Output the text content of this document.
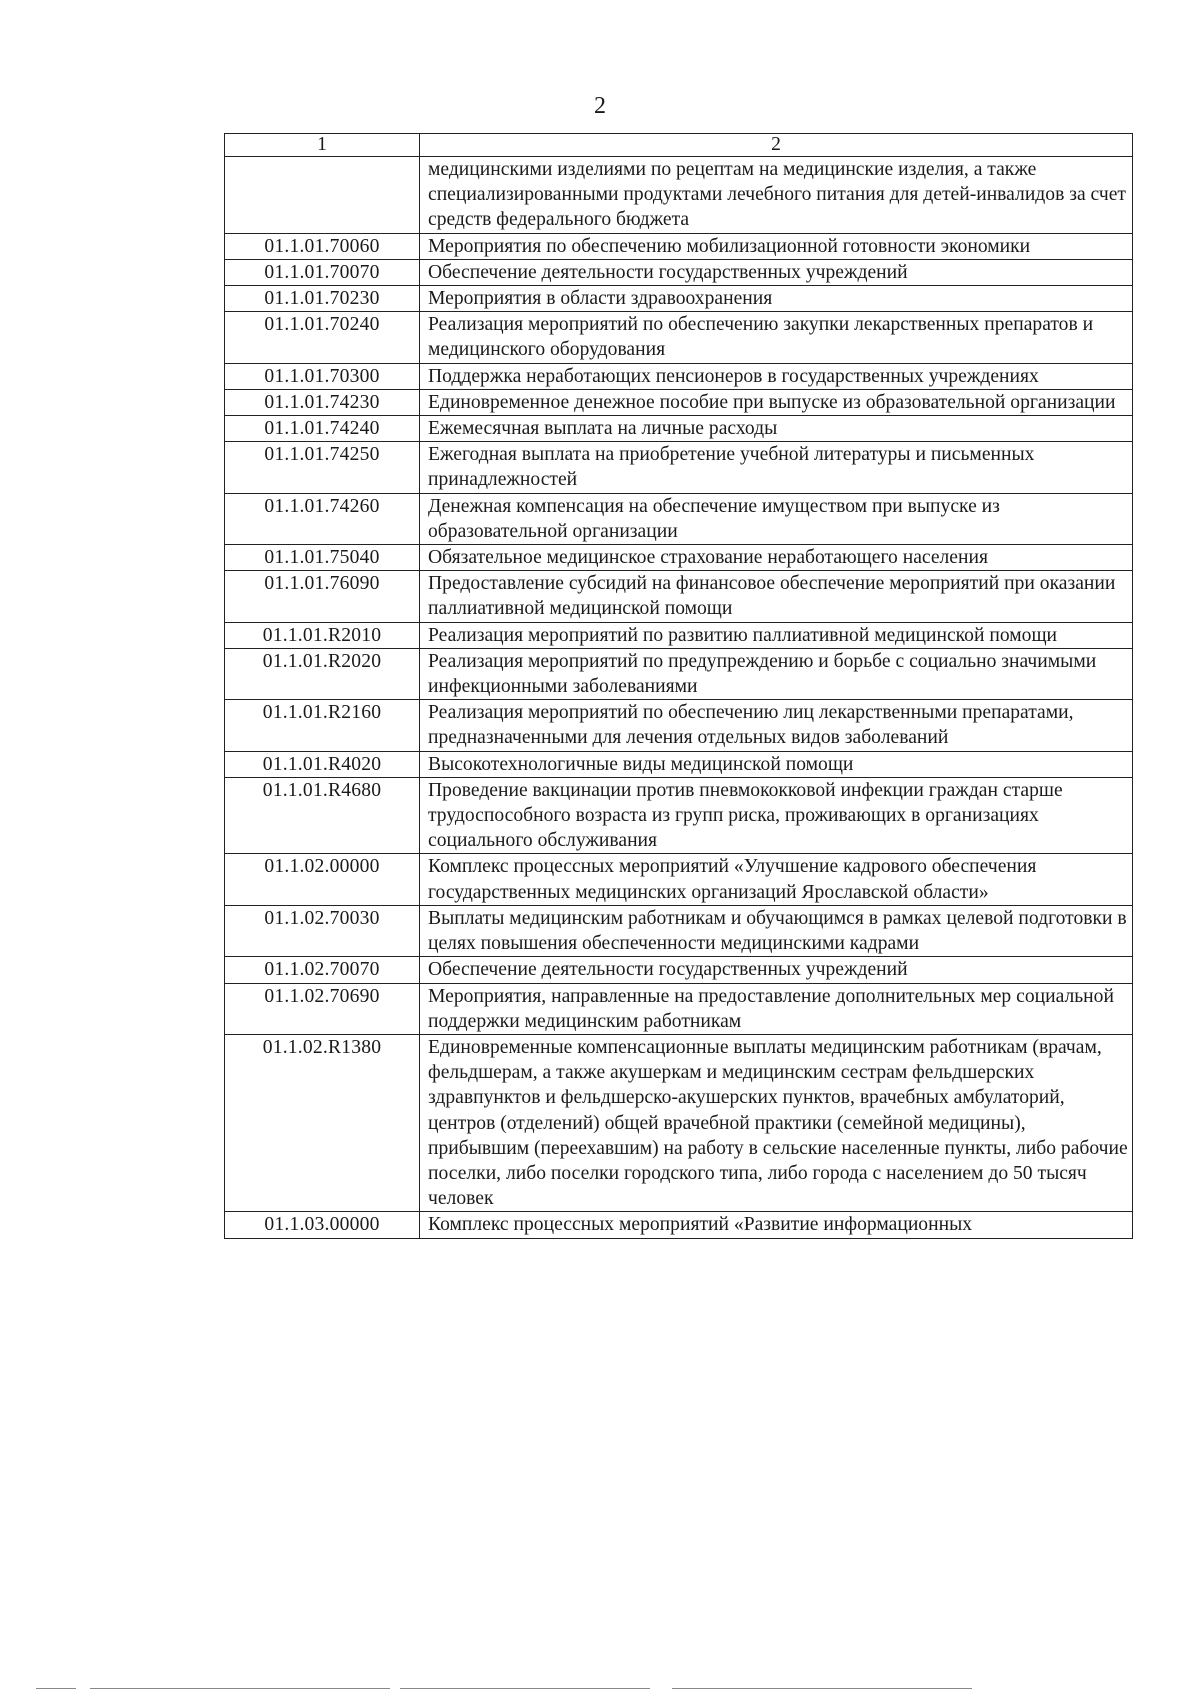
2
1	2
	медицинскими изделиями по рецептам на медицинские изделия, а также специализированными продуктами лечебного питания для детей-инвалидов за счет средств федерального бюджета
01.1.01.70060	Мероприятия по обеспечению мобилизационной готовности экономики
01.1.01.70070	Обеспечение деятельности государственных учреждений
01.1.01.70230	Мероприятия в области здравоохранения
01.1.01.70240	Реализация мероприятий по обеспечению закупки лекарственных препаратов и медицинского оборудования
01.1.01.70300	Поддержка неработающих пенсионеров в государственных учреждениях
01.1.01.74230	Единовременное денежное пособие при выпуске из образовательной организации
01.1.01.74240	Ежемесячная выплата на личные расходы
01.1.01.74250	Ежегодная выплата на приобретение учебной литературы и письменных принадлежностей
01.1.01.74260	Денежная компенсация на обеспечение имуществом при выпуске из образовательной организации
01.1.01.75040	Обязательное медицинское страхование неработающего населения
01.1.01.76090	Предоставление субсидий на финансовое обеспечение мероприятий при оказании паллиативной медицинской помощи
01.1.01.R2010	Реализация мероприятий по развитию паллиативной медицинской помощи
01.1.01.R2020	Реализация мероприятий по предупреждению и борьбе с социально значимыми инфекционными заболеваниями
01.1.01.R2160	Реализация мероприятий по обеспечению лиц лекарственными препаратами, предназначенными для лечения отдельных видов заболеваний
01.1.01.R4020	Высокотехнологичные виды медицинской помощи
01.1.01.R4680	Проведение вакцинации против пневмококковой инфекции граждан старше трудоспособного возраста из групп риска, проживающих в организациях социального обслуживания
01.1.02.00000	Комплекс процессных мероприятий «Улучшение кадрового обеспечения государственных медицинских организаций Ярославской области»
01.1.02.70030	Выплаты медицинским работникам и обучающимся в рамках целевой подготовки в целях повышения обеспеченности медицинскими кадрами
01.1.02.70070	Обеспечение деятельности государственных учреждений
01.1.02.70690	Мероприятия, направленные на предоставление дополнительных мер социальной поддержки медицинским работникам
01.1.02.R1380	Единовременные компенсационные выплаты медицинским работникам (врачам, фельдшерам, а также акушеркам и медицинским сестрам фельдшерских здравпунктов и фельдшерско-акушерских пунктов, врачебных амбулаторий, центров (отделений) общей врачебной практики (семейной медицины), прибывшим (переехавшим) на работу в сельские населенные пункты, либо рабочие поселки, либо поселки городского типа, либо города с населением до 50 тысяч человек
01.1.03.00000	Комплекс процессных мероприятий «Развитие информационных
